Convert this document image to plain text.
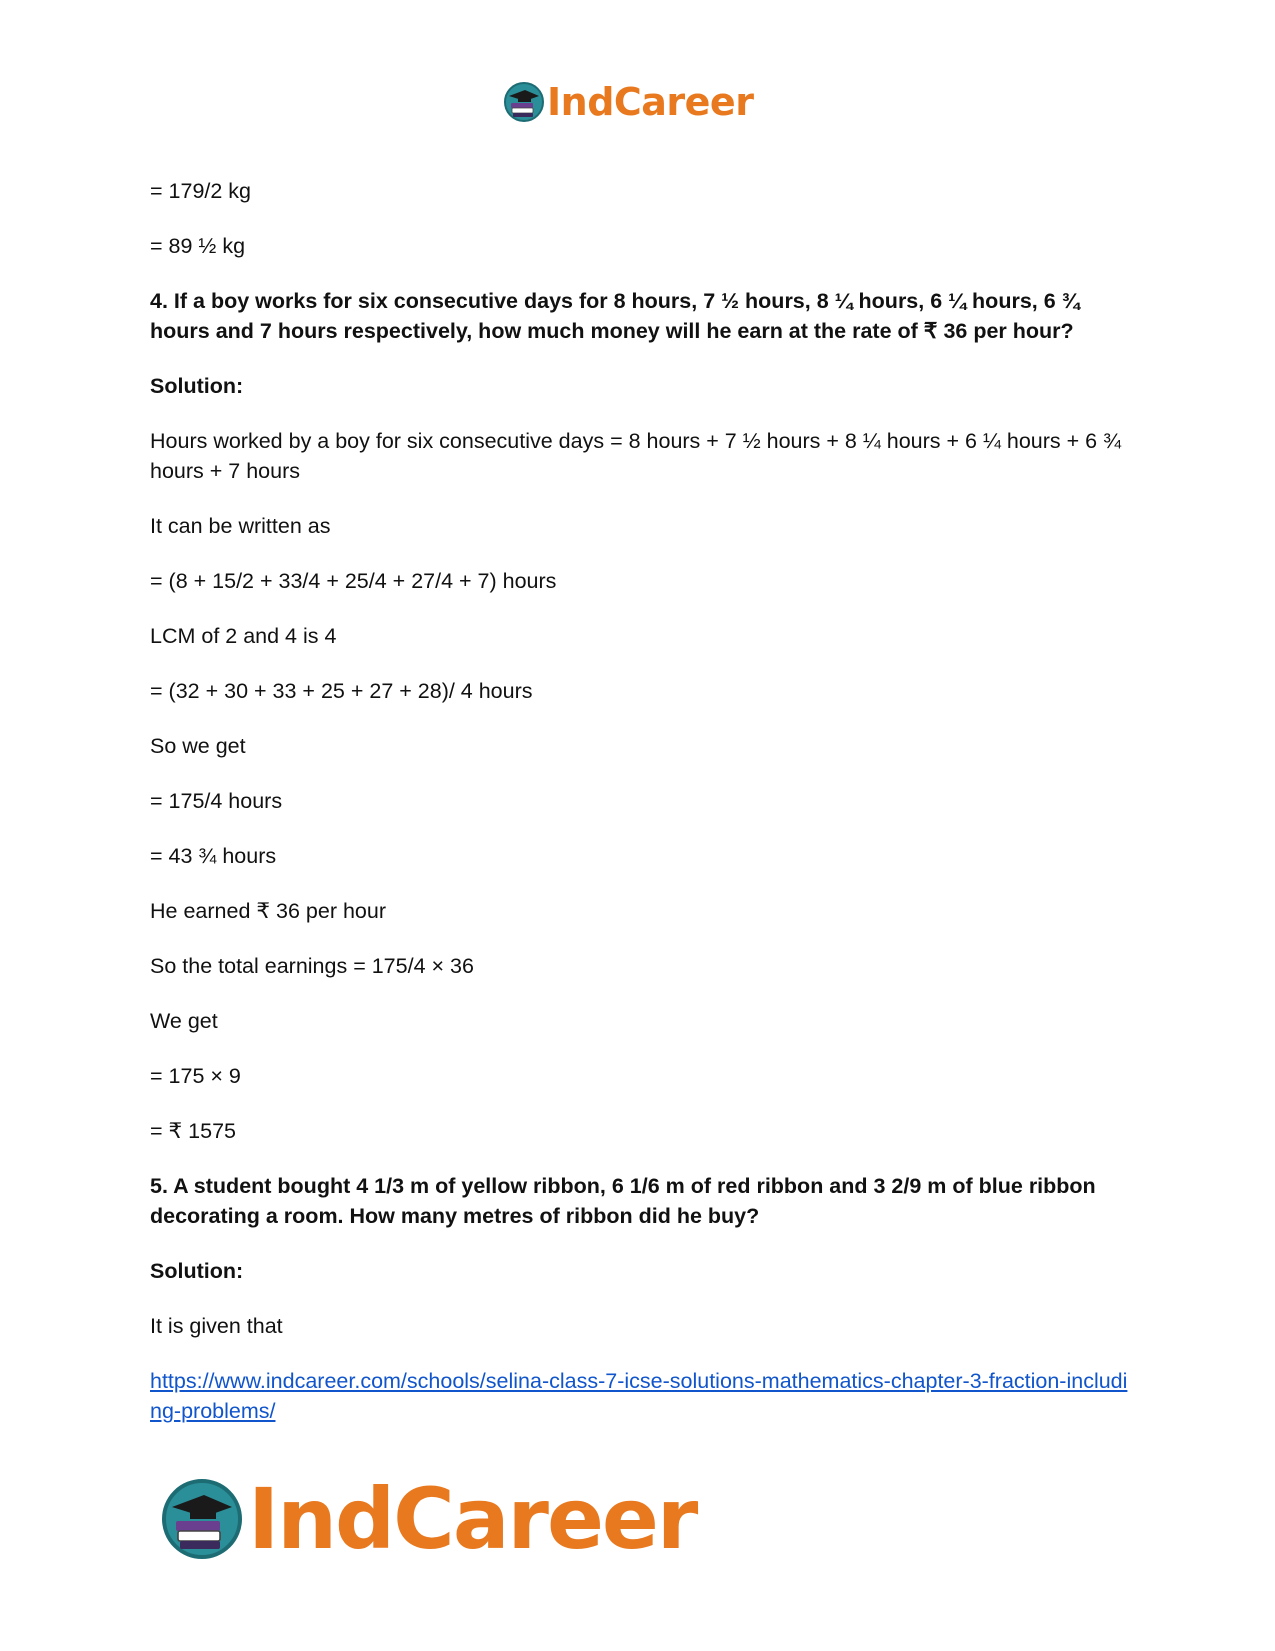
IndCareer

= 179/2 kg

= 89 ½ kg

4. If a boy works for six consecutive days for 8 hours, 7 ½ hours, 8 ¼ hours, 6 ¼ hours, 6 ¾ hours and 7 hours respectively, how much money will he earn at the rate of ₹ 36 per hour?

Solution:

Hours worked by a boy for six consecutive days = 8 hours + 7 ½ hours + 8 ¼ hours + 6 ¼ hours + 6 ¾ hours + 7 hours

It can be written as

= (8 + 15/2 + 33/4 + 25/4 + 27/4 + 7) hours

LCM of 2 and 4 is 4

= (32 + 30 + 33 + 25 + 27 + 28)/ 4 hours

So we get

= 175/4 hours

= 43 ¾ hours

He earned ₹ 36 per hour

So the total earnings = 175/4 × 36

We get

= 175 × 9

= ₹ 1575

5. A student bought 4 1/3 m of yellow ribbon, 6 1/6 m of red ribbon and 3 2/9 m of blue ribbon decorating a room. How many metres of ribbon did he buy?

Solution:

It is given that

https://www.indcareer.com/schools/selina-class-7-icse-solutions-mathematics-chapter-3-fraction-including-problems/

IndCareer
